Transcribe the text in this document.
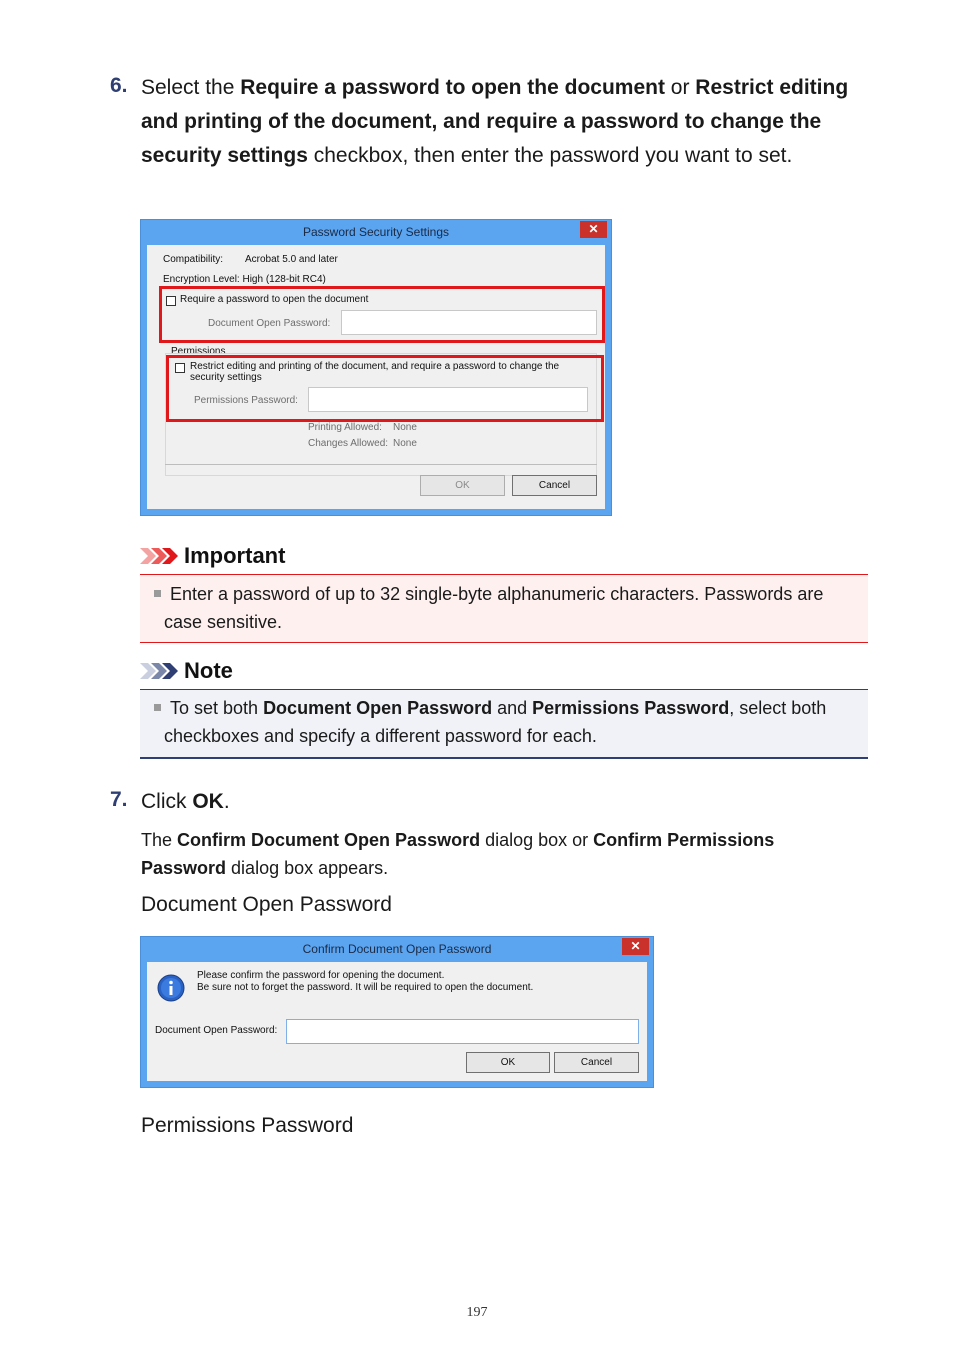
6. Select the Require a password to open the document or Restrict editing and printing of the document, and require a password to change the security settings checkbox, then enter the password you want to set.
Password Security Settings	✕
Compatibility: Acrobat 5.0 and later
Encryption Level: High (128-bit RC4)
Require a password to open the document
Document Open Password:
Permissions
Restrict editing and printing of the document, and require a password to change the
security settings
Permissions Password:
Printing Allowed: None
Changes Allowed: None
OK	Cancel
Important
Enter a password of up to 32 single-byte alphanumeric characters. Passwords are case sensitive.
Note
To set both Document Open Password and Permissions Password, select both checkboxes and specify a different password for each.
7. Click OK.
The Confirm Document Open Password dialog box or Confirm Permissions Password dialog box appears.
Document Open Password
Confirm Document Open Password	✕
Please confirm the password for opening the document.
Be sure not to forget the password. It will be required to open the document.
Document Open Password:
OK	Cancel
Permissions Password
197
